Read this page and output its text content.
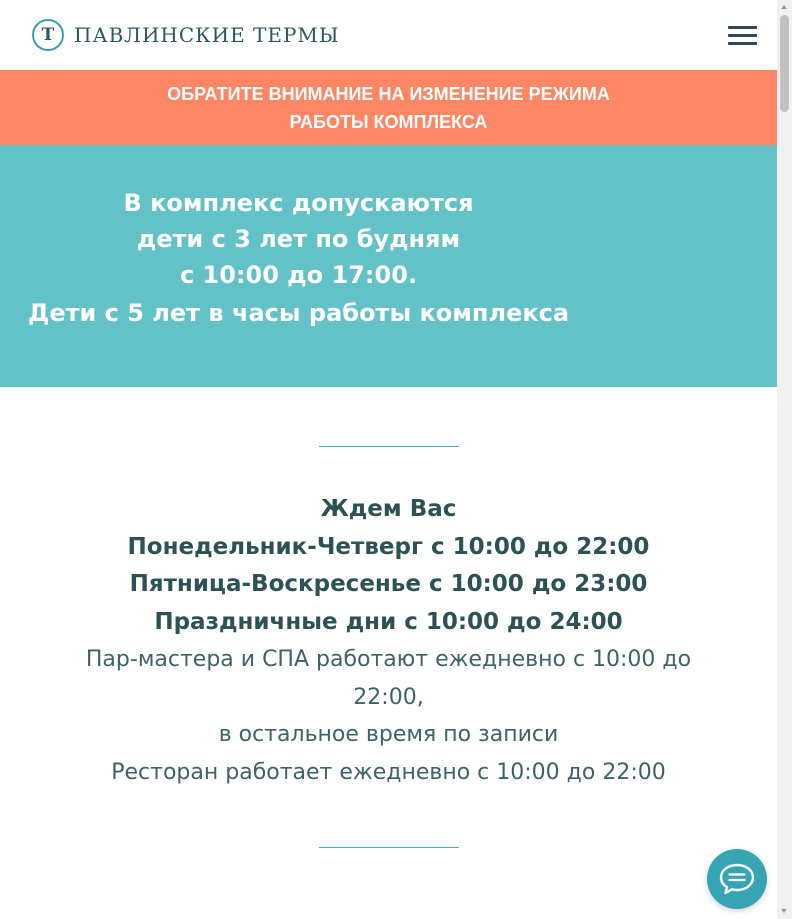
Т ПАВЛИНСКИЕ ТЕРМЫ
ОБРАТИТЕ ВНИМАНИЕ НА ИЗМЕНЕНИЕ РЕЖИМА РАБОТЫ КОМПЛЕКСА
В комплекс допускаются
дети с 3 лет по будням
с 10:00 до 17:00.
Дети с 5 лет в часы работы комплекса
Ждем Вас
Понедельник-Четверг с 10:00 до 22:00
Пятница-Воскресенье с 10:00 до 23:00
Праздничные дни с 10:00 до 24:00
Пар-мастера и СПА работают ежедневно с 10:00 до 22:00,
в остальное время по записи
Ресторан работает ежедневно с 10:00 до 22:00
